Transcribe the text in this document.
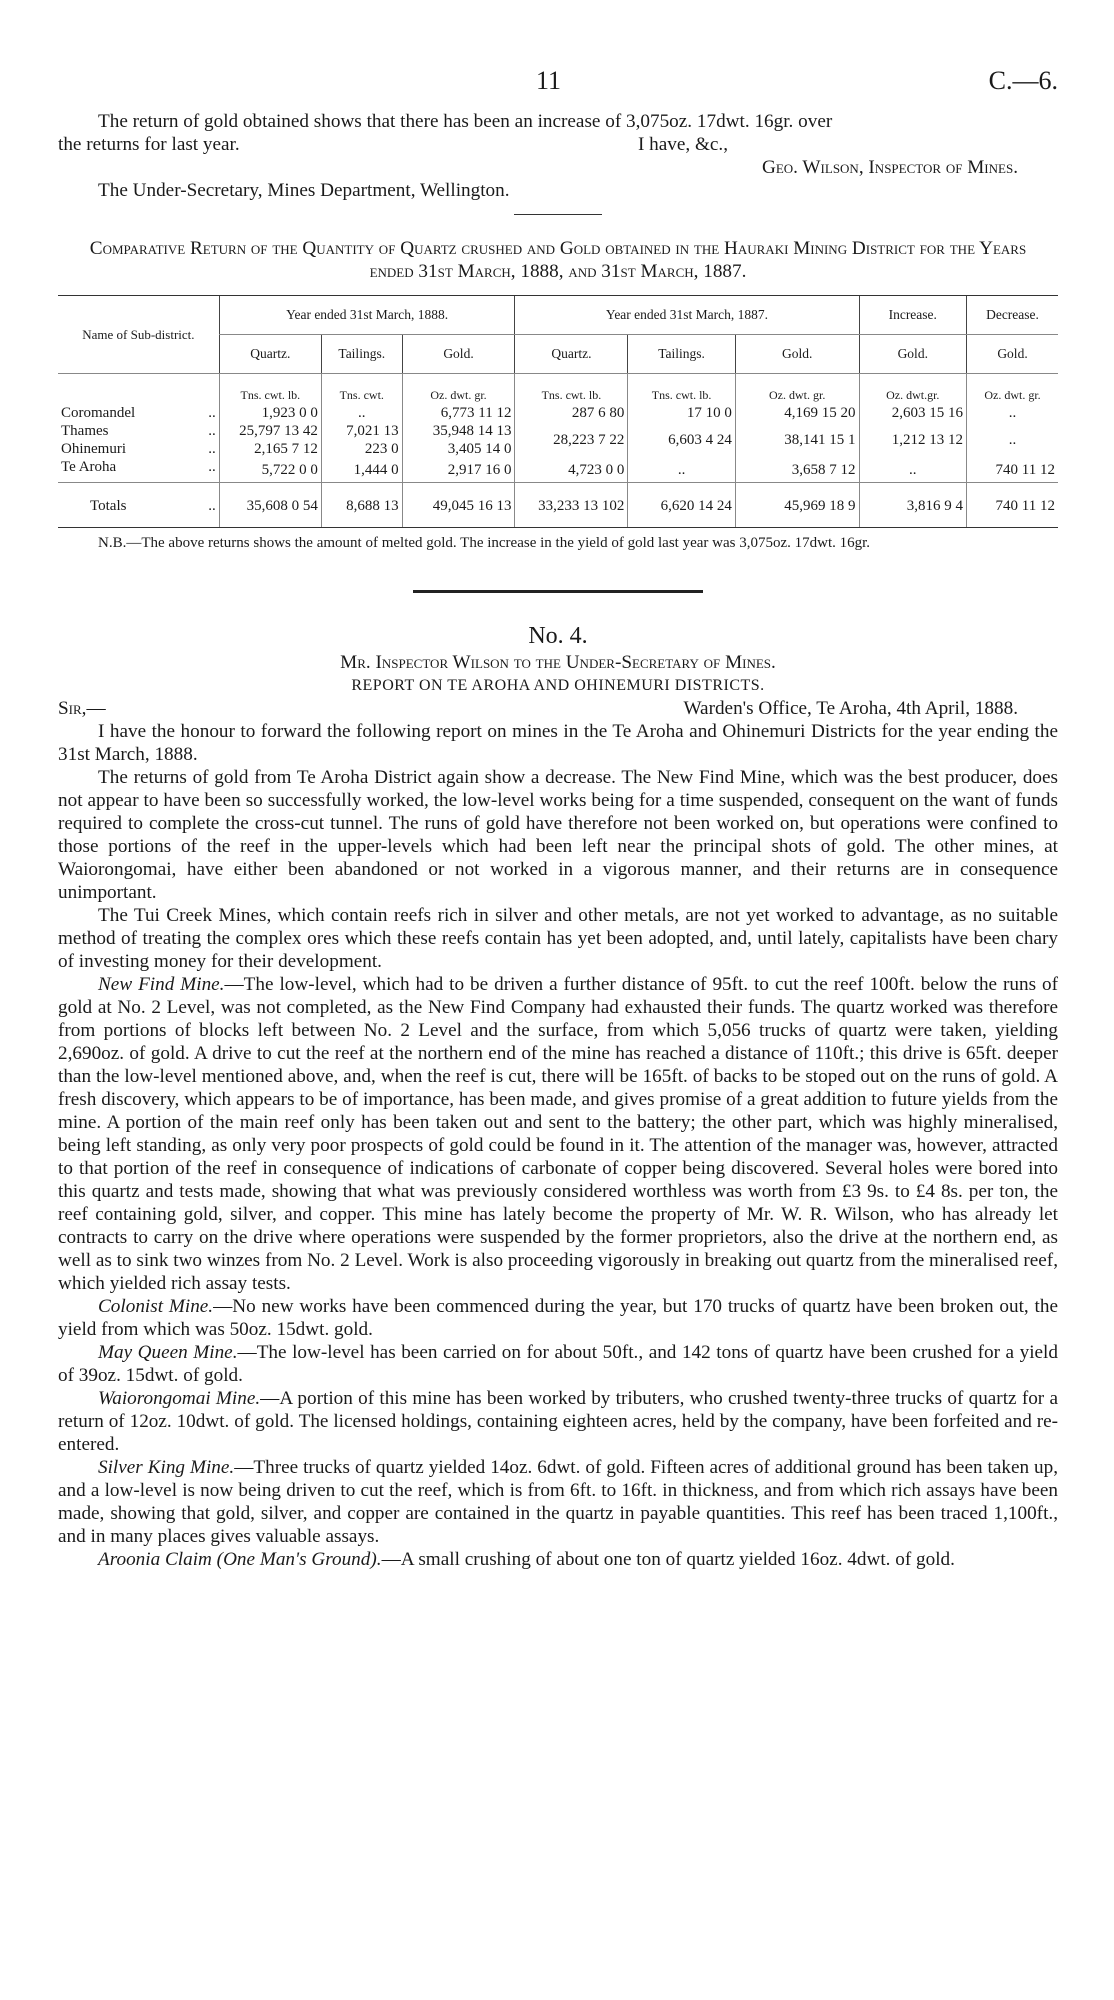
11	C.—6.

The return of gold obtained shows that there has been an increase of 3,075oz. 17dwt. 16gr. over

the returns for last year.	I have, &c.,
Geo. Wilson, Inspector of Mines.

The Under-Secretary, Mines Department, Wellington.

Comparative Return of the Quantity of Quartz crushed and Gold obtained in the Hauraki Mining District for the Years ended 31st March, 1888, and 31st March, 1887.
Name of Sub-district.	Year ended 31st March, 1888.			Year ended 31st March, 1887.			Increase.	Decrease.
	Quartz.	Tailings.	Gold.	Quartz.	Tailings.	Gold.	Gold.	Gold.
	Tns. cwt. lb.	Tns. cwt.	Oz. dwt. gr.	Tns. cwt. lb.	Tns. cwt. lb.	Oz. dwt. gr.	Oz. dwt.gr.	Oz. dwt. gr.
Coromandel ..	1,923 0 0	..	6,773 11 12	287 6 80	17 10 0	4,169 15 20	2,603 15 16	..
Thames ..	25,797 13 42	7,021 13	35,948 14 13	28,223 7 22	6,603 4 24	38,141 15 1	1,212 13 12	..
Ohinemuri ..	2,165 7 12	223 0	3,405 14 0					
Te Aroha ..	5,722 0 0	1,444 0	2,917 16 0	4,723 0 0	..	3,658 7 12	..	740 11 12
Totals ..	35,608 0 54	8,688 13	49,045 16 13	33,233 13 102	6,620 14 24	45,969 18 9	3,816 9 4	740 11 12

N.B.—The above returns shows the amount of melted gold. The increase in the yield of gold last year was 3,075oz. 17dwt. 16gr.

No. 4.
Mr. Inspector Wilson to the Under-Secretary of Mines.
REPORT ON TE AROHA AND OHINEMURI DISTRICTS.
Sir,—	Warden's Office, Te Aroha, 4th April, 1888.

I have the honour to forward the following report on mines in the Te Aroha and Ohinemuri Districts for the year ending the 31st March, 1888.

The returns of gold from Te Aroha District again show a decrease. The New Find Mine, which was the best producer, does not appear to have been so successfully worked, the low-level works being for a time suspended, consequent on the want of funds required to complete the cross-cut tunnel. The runs of gold have therefore not been worked on, but operations were confined to those portions of the reef in the upper-levels which had been left near the principal shots of gold. The other mines, at Waiorongomai, have either been abandoned or not worked in a vigorous manner, and their returns are in consequence unimportant.

The Tui Creek Mines, which contain reefs rich in silver and other metals, are not yet worked to advantage, as no suitable method of treating the complex ores which these reefs contain has yet been adopted, and, until lately, capitalists have been chary of investing money for their development.

New Find Mine.—The low-level, which had to be driven a further distance of 95ft. to cut the reef 100ft. below the runs of gold at No. 2 Level, was not completed, as the New Find Company had exhausted their funds. The quartz worked was therefore from portions of blocks left between No. 2 Level and the surface, from which 5,056 trucks of quartz were taken, yielding 2,690oz. of gold. A drive to cut the reef at the northern end of the mine has reached a distance of 110ft.; this drive is 65ft. deeper than the low-level mentioned above, and, when the reef is cut, there will be 165ft. of backs to be stoped out on the runs of gold. A fresh discovery, which appears to be of importance, has been made, and gives promise of a great addition to future yields from the mine. A portion of the main reef only has been taken out and sent to the battery; the other part, which was highly mineralised, being left standing, as only very poor prospects of gold could be found in it. The attention of the manager was, however, attracted to that portion of the reef in consequence of indications of carbonate of copper being discovered. Several holes were bored into this quartz and tests made, showing that what was previously considered worthless was worth from £3 9s. to £4 8s. per ton, the reef containing gold, silver, and copper. This mine has lately become the property of Mr. W. R. Wilson, who has already let contracts to carry on the drive where operations were suspended by the former proprietors, also the drive at the northern end, as well as to sink two winzes from No. 2 Level. Work is also proceeding vigorously in breaking out quartz from the mineralised reef, which yielded rich assay tests.

Colonist Mine.—No new works have been commenced during the year, but 170 trucks of quartz have been broken out, the yield from which was 50oz. 15dwt. gold.

May Queen Mine.—The low-level has been carried on for about 50ft., and 142 tons of quartz have been crushed for a yield of 39oz. 15dwt. of gold.

Waiorongomai Mine.—A portion of this mine has been worked by tributers, who crushed twenty-three trucks of quartz for a return of 12oz. 10dwt. of gold. The licensed holdings, containing eighteen acres, held by the company, have been forfeited and re-entered.

Silver King Mine.—Three trucks of quartz yielded 14oz. 6dwt. of gold. Fifteen acres of additional ground has been taken up, and a low-level is now being driven to cut the reef, which is from 6ft. to 16ft. in thickness, and from which rich assays have been made, showing that gold, silver, and copper are contained in the quartz in payable quantities. This reef has been traced 1,100ft., and in many places gives valuable assays.

Aroonia Claim (One Man's Ground).—A small crushing of about one ton of quartz yielded 16oz. 4dwt. of gold.
